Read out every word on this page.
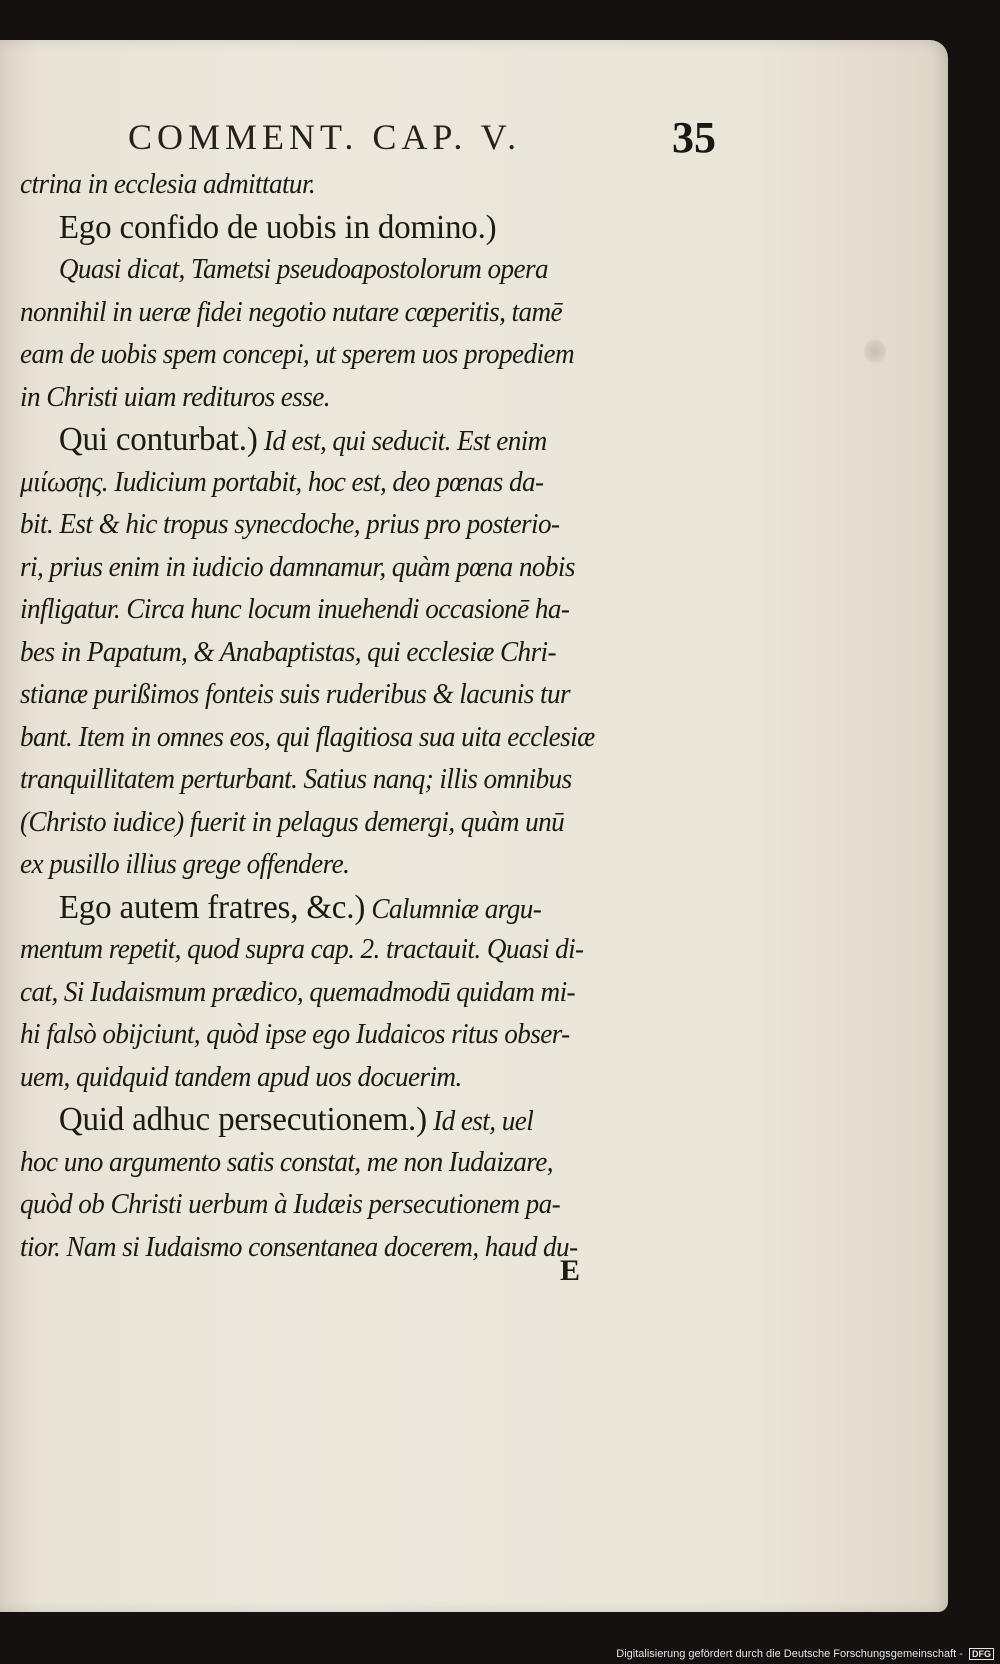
COMMENT. CAP. V.	35
ctrina in ecclesia admittatur.
Ego confido de uobis in domino.)
Quasi dicat, Tametsi pseudoapostolorum opera
nonnihil in ueræ fidei negotio nutare cœperitis, tamē
eam de uobis spem concepi, ut sperem uos propediem
in Christi uiam redituros esse.
Qui conturbat.) Id est, qui seducit. Est enim
μιίωσῃς. Iudicium portabit, hoc est, deo pœnas da-
bit. Est & hic tropus synecdoche, prius pro posterio-
ri, prius enim in iudicio damnamur, quàm pœna nobis
infligatur. Circa hunc locum inuehendi occasionē ha-
bes in Papatum, & Anabaptistas, qui ecclesiæ Chri-
stianæ purißimos fonteis suis ruderibus & lacunis tur
bant. Item in omnes eos, qui flagitiosa sua uita ecclesiæ
tranquillitatem perturbant. Satius nanq; illis omnibus
(Christo iudice) fuerit in pelagus demergi, quàm unū
ex pusillo illius grege offendere.
Ego autem fratres, &c.) Calumniæ argu-
mentum repetit, quod supra cap. 2. tractauit. Quasi di-
cat, Si Iudaismum prædico, quemadmodū quidam mi-
hi falsò obijciunt, quòd ipse ego Iudaicos ritus obser-
uem, quidquid tandem apud uos docuerim.
Quid adhuc persecutionem.) Id est, uel
hoc uno argumento satis constat, me non Iudaizare,
quòd ob Christi uerbum à Iudæis persecutionem pa-
tior. Nam si Iudaismo consentanea docerem, haud du-
E
Digitalisierung gefördert durch die Deutsche Forschungsgemeinschaft - DFG
